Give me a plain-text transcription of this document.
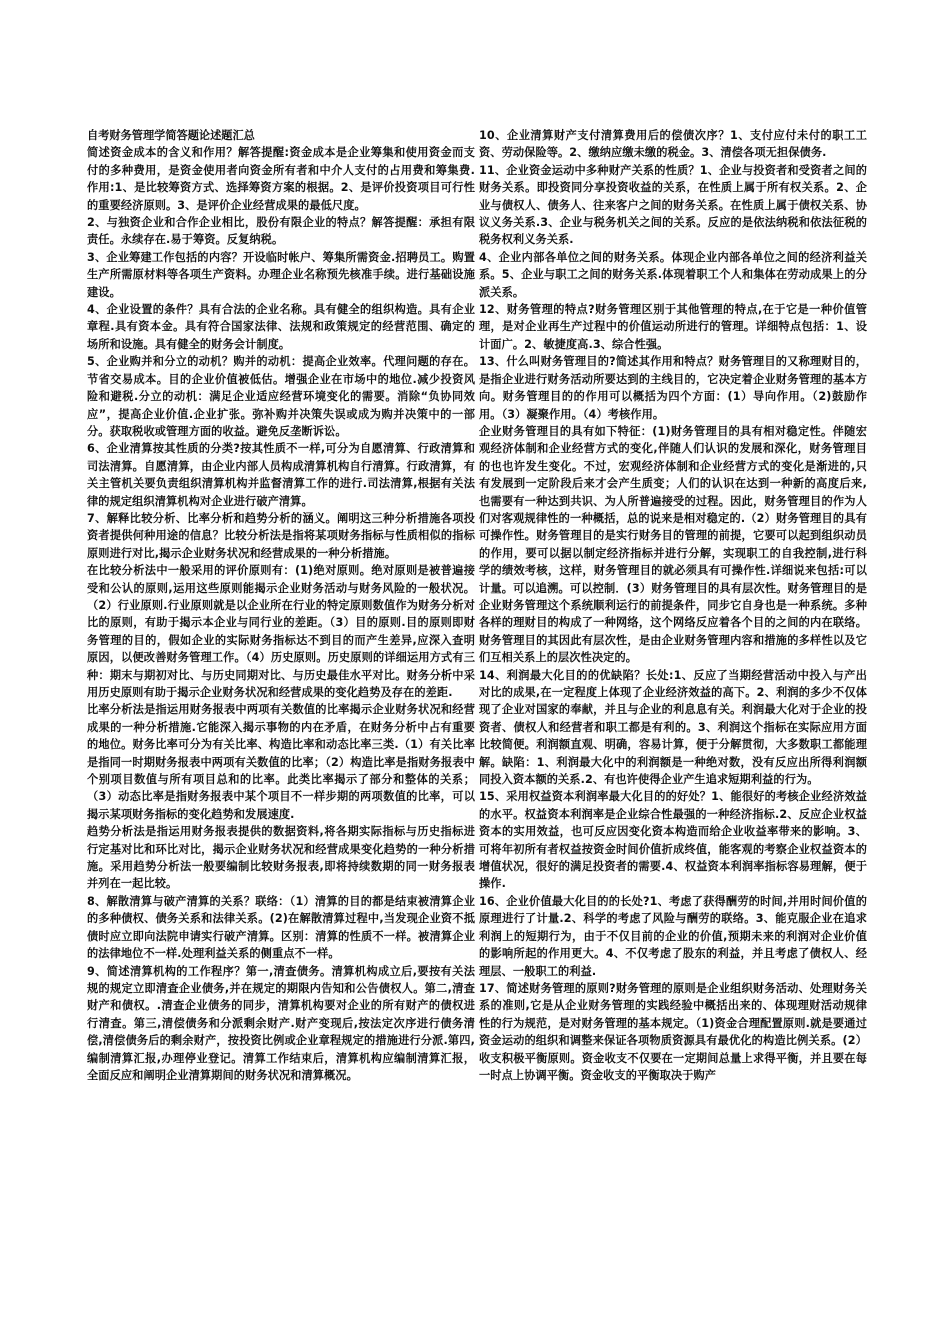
自考财务管理学简答题论述题汇总

简述资金成本的含义和作用？解答提醒:资金成本是企业筹集和使用资金而支付的多种费用，是资金使用者向资金所有者和中介人支付的占用费和筹集费.作用:1、是比较筹资方式、选择筹资方案的根据。2、是评价投资项目可行性的重要经济原则。3、是评价企业经营成果的最低尺度。

2、与独资企业和合作企业相比，股份有限企业的特点？解答提醒：承担有限责任。永续存在.易于筹资。反复纳税。

3、企业筹建工作包括的内容？开设临时帐户、筹集所需资金.招聘员工。购置生产所需原材料等各项生产资料。办理企业名称预先核准手续。进行基础设施建设。

4、企业设置的条件？具有合法的企业名称。具有健全的组织构造。具有企业章程.具有资本金。具有符合国家法律、法规和政策规定的经营范围、确定的场所和设施。具有健全的财务会计制度。

5、企业购并和分立的动机？购并的动机：提高企业效率。代理问题的存在。节省交易成本。目的企业价值被低估。增强企业在市场中的地位.减少投资风险和避税.分立的动机：满足企业适应经营环境变化的需要。消除“负协同效应”，提高企业价值.企业扩张。弥补购并决策失误或成为购并决策中的一部分。获取税收或管理方面的收益。避免反垄断诉讼。

6、企业清算按其性质的分类?按其性质不一样,可分为自愿清算、行政清算和司法清算。自愿清算，由企业内部人员构成清算机构自行清算。行政清算，有关主管机关要负责组织清算机构并监督清算工作的进行.司法清算,根据有关法律的规定组织清算机构对企业进行破产清算。

7、解释比较分析、比率分析和趋势分析的涵义。阐明这三种分析措施各项投资者提供何种用途的信息？比较分析法是指将某项财务指标与性质相似的指标原则进行对比,揭示企业财务状况和经营成果的一种分析措施。

在比较分析法中一般采用的评价原则有：(1)绝对原则。绝对原则是被普遍接受和公认的原则,运用这些原则能揭示企业财务活动与财务风险的一般状况。（2）行业原则.行业原则就是以企业所在行业的特定原则数值作为财务分析对比的原则，有助于揭示本企业与同行业的差距。（3）目的原则.目的原则即财务管理的目的，假如企业的实际财务指标达不到目的而产生差异,应深入查明原因，以便改善财务管理工作。（4）历史原则。历史原则的详细运用方式有三种：期末与期初对比、与历史同期对比、与历史最佳水平对比。财务分析中采用历史原则有助于揭示企业财务状况和经营成果的变化趋势及存在的差距.

比率分析法是指运用财务报表中两项有关数值的比率揭示企业财务状况和经营成果的一种分析措施.它能深入揭示事物的内在矛盾，在财务分析中占有重要的地位。财务比率可分为有关比率、构造比率和动态比率三类.（1）有关比率是指同一时期财务报表中两项有关数值的比率；（2）构造比率是指财务报表中个别项目数值与所有项目总和的比率。此类比率揭示了部分和整体的关系；（3）动态比率是指财务报表中某个项目不一样步期的两项数值的比率，可以揭示某项财务指标的变化趋势和发展速度.

趋势分析法是指运用财务报表提供的数据资料,将各期实际指标与历史指标进行定基对比和环比对比，揭示企业财务状况和经营成果变化趋势的一种分析措施。采用趋势分析法一般要编制比较财务报表,即将持续数期的同一财务报表并列在一起比较。

8、解散清算与破产清算的关系？联络：（1）清算的目的都是结束被清算企业的多种债权、债务关系和法律关系。(2)在解散清算过程中,当发现企业资不抵债时应立即向法院申请实行破产清算。区别：清算的性质不一样。被清算企业的法律地位不一样.处理利益关系的侧重点不一样。

9、简述清算机构的工作程序？第一,清查债务。清算机构成立后,要按有关法规的规定立即清查企业债务,并在规定的期限内告知和公告债权人。第二,清查财产和债权。.清查企业债务的同步，清算机构要对企业的所有财产的债权进行清查。第三,清偿债务和分派剩余财产.财产变现后,按法定次序进行债务清偿,清偿债务后的剩余财产，按投资比例或企业章程规定的措施进行分派.第四,编制清算汇报,办理停业登记。清算工作结束后，清算机构应编制清算汇报，全面反应和阐明企业清算期间的财务状况和清算概况。

10、企业清算财产支付清算费用后的偿债次序？1、支付应付未付的职工工资、劳动保险等。2、缴纳应缴未缴的税金。3、清偿各项无担保债务.

11、企业资金运动中多种财产关系的性质？1、企业与投资者和受资者之间的财务关系。即投资同分享投资收益的关系，在性质上属于所有权关系。2、企业与债权人、债务人、往来客户之间的财务关系。在性质上属于债权关系、协议义务关系.3、企业与税务机关之间的关系。反应的是依法纳税和依法征税的税务权利义务关系.

4、企业内部各单位之间的财务关系。体现企业内部各单位之间的经济利益关系。5、企业与职工之间的财务关系.体现着职工个人和集体在劳动成果上的分派关系。

12、财务管理的特点?财务管理区别于其他管理的特点,在于它是一种价值管理，是对企业再生产过程中的价值运动所进行的管理。详细特点包括：1、设计面广。2、敏捷度高.3、综合性强。

13、什么叫财务管理目的?简述其作用和特点？财务管理目的又称理财目的，是指企业进行财务活动所要达到的主线目的，它决定着企业财务管理的基本方向。财务管理目的的作用可以概括为四个方面：(1）导向作用。（2)鼓励作用。（3）凝聚作用。（4）考核作用。

企业财务管理目的具有如下特征：(1)财务管理目的具有相对稳定性。伴随宏观经济体制和企业经营方式的变化,伴随人们认识的发展和深化，财务管理目的也也许发生变化。不过，宏观经济体制和企业经营方式的变化是渐进的,只有发展到一定阶段后来才会产生质变；人们的认识在达到一种新的高度后来,也需要有一种达到共识、为人所普遍接受的过程。因此，财务管理目的作为人们对客观规律性的一种概括，总的说来是相对稳定的.（2）财务管理目的具有可操作性。财务管理目的是实行财务目的管理的前提，它要可以起到组织动员的作用，要可以据以制定经济指标并进行分解，实现职工的自我控制,进行科学的绩效考核，这样，财务管理目的就必须具有可操作性.详细说来包括:可以计量。可以追溯。可以控制．(3）财务管理目的具有层次性。财务管理目的是企业财务管理这个系统顺利运行的前提条件，同步它自身也是一种系统。多种各样的理财目的构成了一种网络，这个网络反应着各个目的之间的内在联络。财务管理目的其因此有层次性，是由企业财务管理内容和措施的多样性以及它们互相关系上的层次性决定的。

14、利润最大化目的的优缺陷？长处:1、反应了当期经营活动中投入与产出对比的成果,在一定程度上体现了企业经济效益的高下。2、利润的多少不仅体现了企业对国家的奉献，并且与企业的利息息有关。利润最大化对于企业的投资者、债权人和经营者和职工都是有利的。3、利润这个指标在实际应用方面比较简便。利润额直观、明确，容易计算，便于分解贯彻，大多数职工都能理解。缺陷：1、利润最大化中的利润额是一种绝对数，没有反应出所得利润额同投入资本额的关系.2、有也许使得企业产生追求短期利益的行为。

15、采用权益资本利润率最大化目的的好处？1、能很好的考核企业经济效益的水平。权益资本利润率是企业综合性最强的一种经济指标.2、反应企业权益资本的实用效益，也可反应因变化资本构造而给企业收益率带来的影响。3、可将年初所有者权益按资金时间价值折成终值，能客观的考察企业权益资本的增值状况，很好的满足投资者的需要.4、权益资本利润率指标容易理解，便于操作.

16、企业价值最大化目的的长处?1、考虑了获得酬劳的时间,并用时间价值的原理进行了计量.2、科学的考虑了风险与酬劳的联络。3、能克服企业在追求利润上的短期行为，由于不仅目前的企业的价值,预期未来的利润对企业价值的影响所起的作用更大。4、不仅考虑了股东的利益，并且考虑了债权人、经理层、一般职工的利益.

17、简述财务管理的原则?财务管理的原则是企业组织财务活动、处理财务关系的准则,它是从企业财务管理的实践经验中概括出来的、体现理财活动规律性的行为规范，是对财务管理的基本规定。（1)资金合理配置原则.就是要通过资金运动的组织和调整来保证各项物质资源具有最优化的构造比例关系。(2）收支积极平衡原则。资金收支不仅要在一定期间总量上求得平衡，并且要在每一时点上协调平衡。资金收支的平衡取决于购产
